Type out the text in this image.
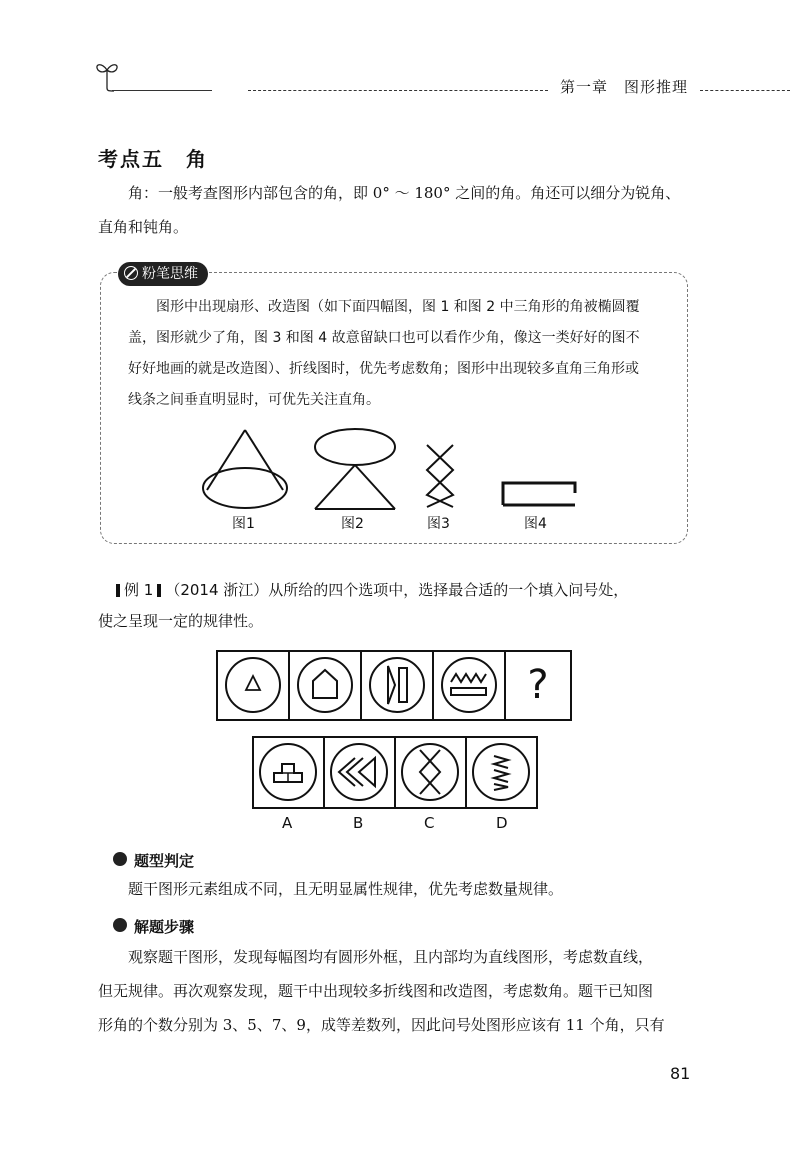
第一章　图形推理
考点五　角

角：一般考查图形内部包含的角，即 0° ～ 180° 之间的角。角还可以细分为锐角、

直角和钝角。

粉笔思维

图形中出现扇形、改造图（如下面四幅图，图 1 和图 2 中三角形的角被椭圆覆

盖，图形就少了角，图 3 和图 4 故意留缺口也可以看作少角，像这一类好好的图不

好好地画的就是改造图）、折线图时，优先考虑数角；图形中出现较多直角三角形或

线条之间垂直明显时，可优先关注直角。

图1	图2	图3	图4
例 1 （2014 浙江）从所给的四个选项中，选择最合适的一个填入问号处，
使之呈现一定的规律性。
?
A	B	C	D
题型判定

题干图形元素组成不同，且无明显属性规律，优先考虑数量规律。

解题步骤

观察题干图形，发现每幅图均有圆形外框，且内部均为直线图形，考虑数直线，

但无规律。再次观察发现，题干中出现较多折线图和改造图，考虑数角。题干已知图

形角的个数分别为 3、5、7、9，成等差数列，因此问号处图形应该有 11 个角，只有

81
